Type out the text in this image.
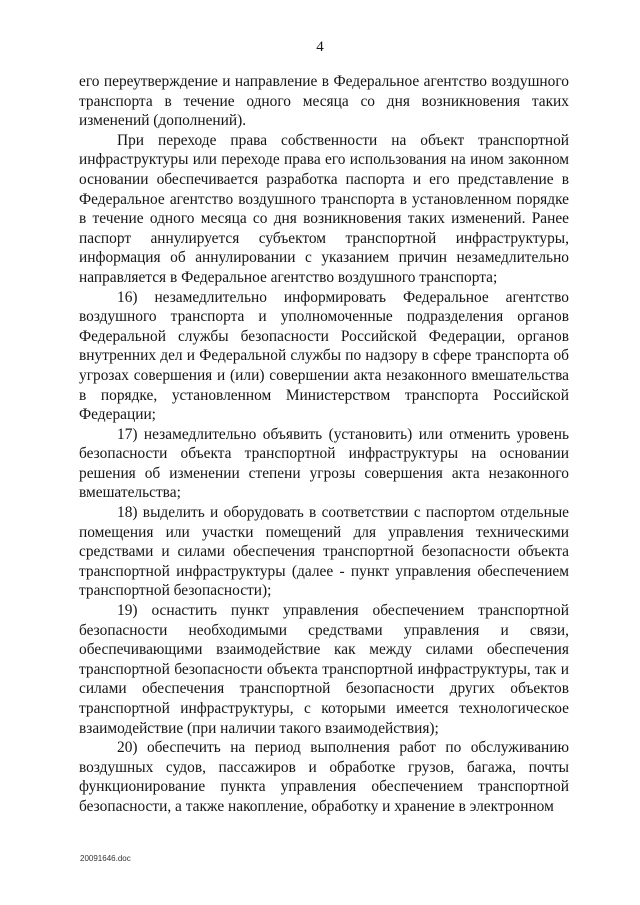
4

его переутверждение и направление в Федеральное агентство воздушного транспорта в течение одного месяца со дня возникновения таких изменений (дополнений).

При переходе права собственности на объект транспортной инфраструктуры или переходе права его использования на ином законном основании обеспечивается разработка паспорта и его представление в Федеральное агентство воздушного транспорта в установленном порядке в течение одного месяца со дня возникновения таких изменений. Ранее паспорт аннулируется субъектом транспортной инфраструктуры, информация об аннулировании с указанием причин незамедлительно направляется в Федеральное агентство воздушного транспорта;

16) незамедлительно информировать Федеральное агентство воздушного транспорта и уполномоченные подразделения органов Федеральной службы безопасности Российской Федерации, органов внутренних дел и Федеральной службы по надзору в сфере транспорта об угрозах совершения и (или) совершении акта незаконного вмешательства в порядке, установленном Министерством транспорта Российской Федерации;

17) незамедлительно объявить (установить) или отменить уровень безопасности объекта транспортной инфраструктуры на основании решения об изменении степени угрозы совершения акта незаконного вмешательства;

18) выделить и оборудовать в соответствии с паспортом отдельные помещения или участки помещений для управления техническими средствами и силами обеспечения транспортной безопасности объекта транспортной инфраструктуры (далее - пункт управления обеспечением транспортной безопасности);

19) оснастить пункт управления обеспечением транспортной безопасности необходимыми средствами управления и связи, обеспечивающими взаимодействие как между силами обеспечения транспортной безопасности объекта транспортной инфраструктуры, так и силами обеспечения транспортной безопасности других объектов транспортной инфраструктуры, с которыми имеется технологическое взаимодействие (при наличии такого взаимодействия);

20) обеспечить на период выполнения работ по обслуживанию воздушных судов, пассажиров и обработке грузов, багажа, почты функционирование пункта управления обеспечением транспортной безопасности, а также накопление, обработку и хранение в электронном

20091646.doc
